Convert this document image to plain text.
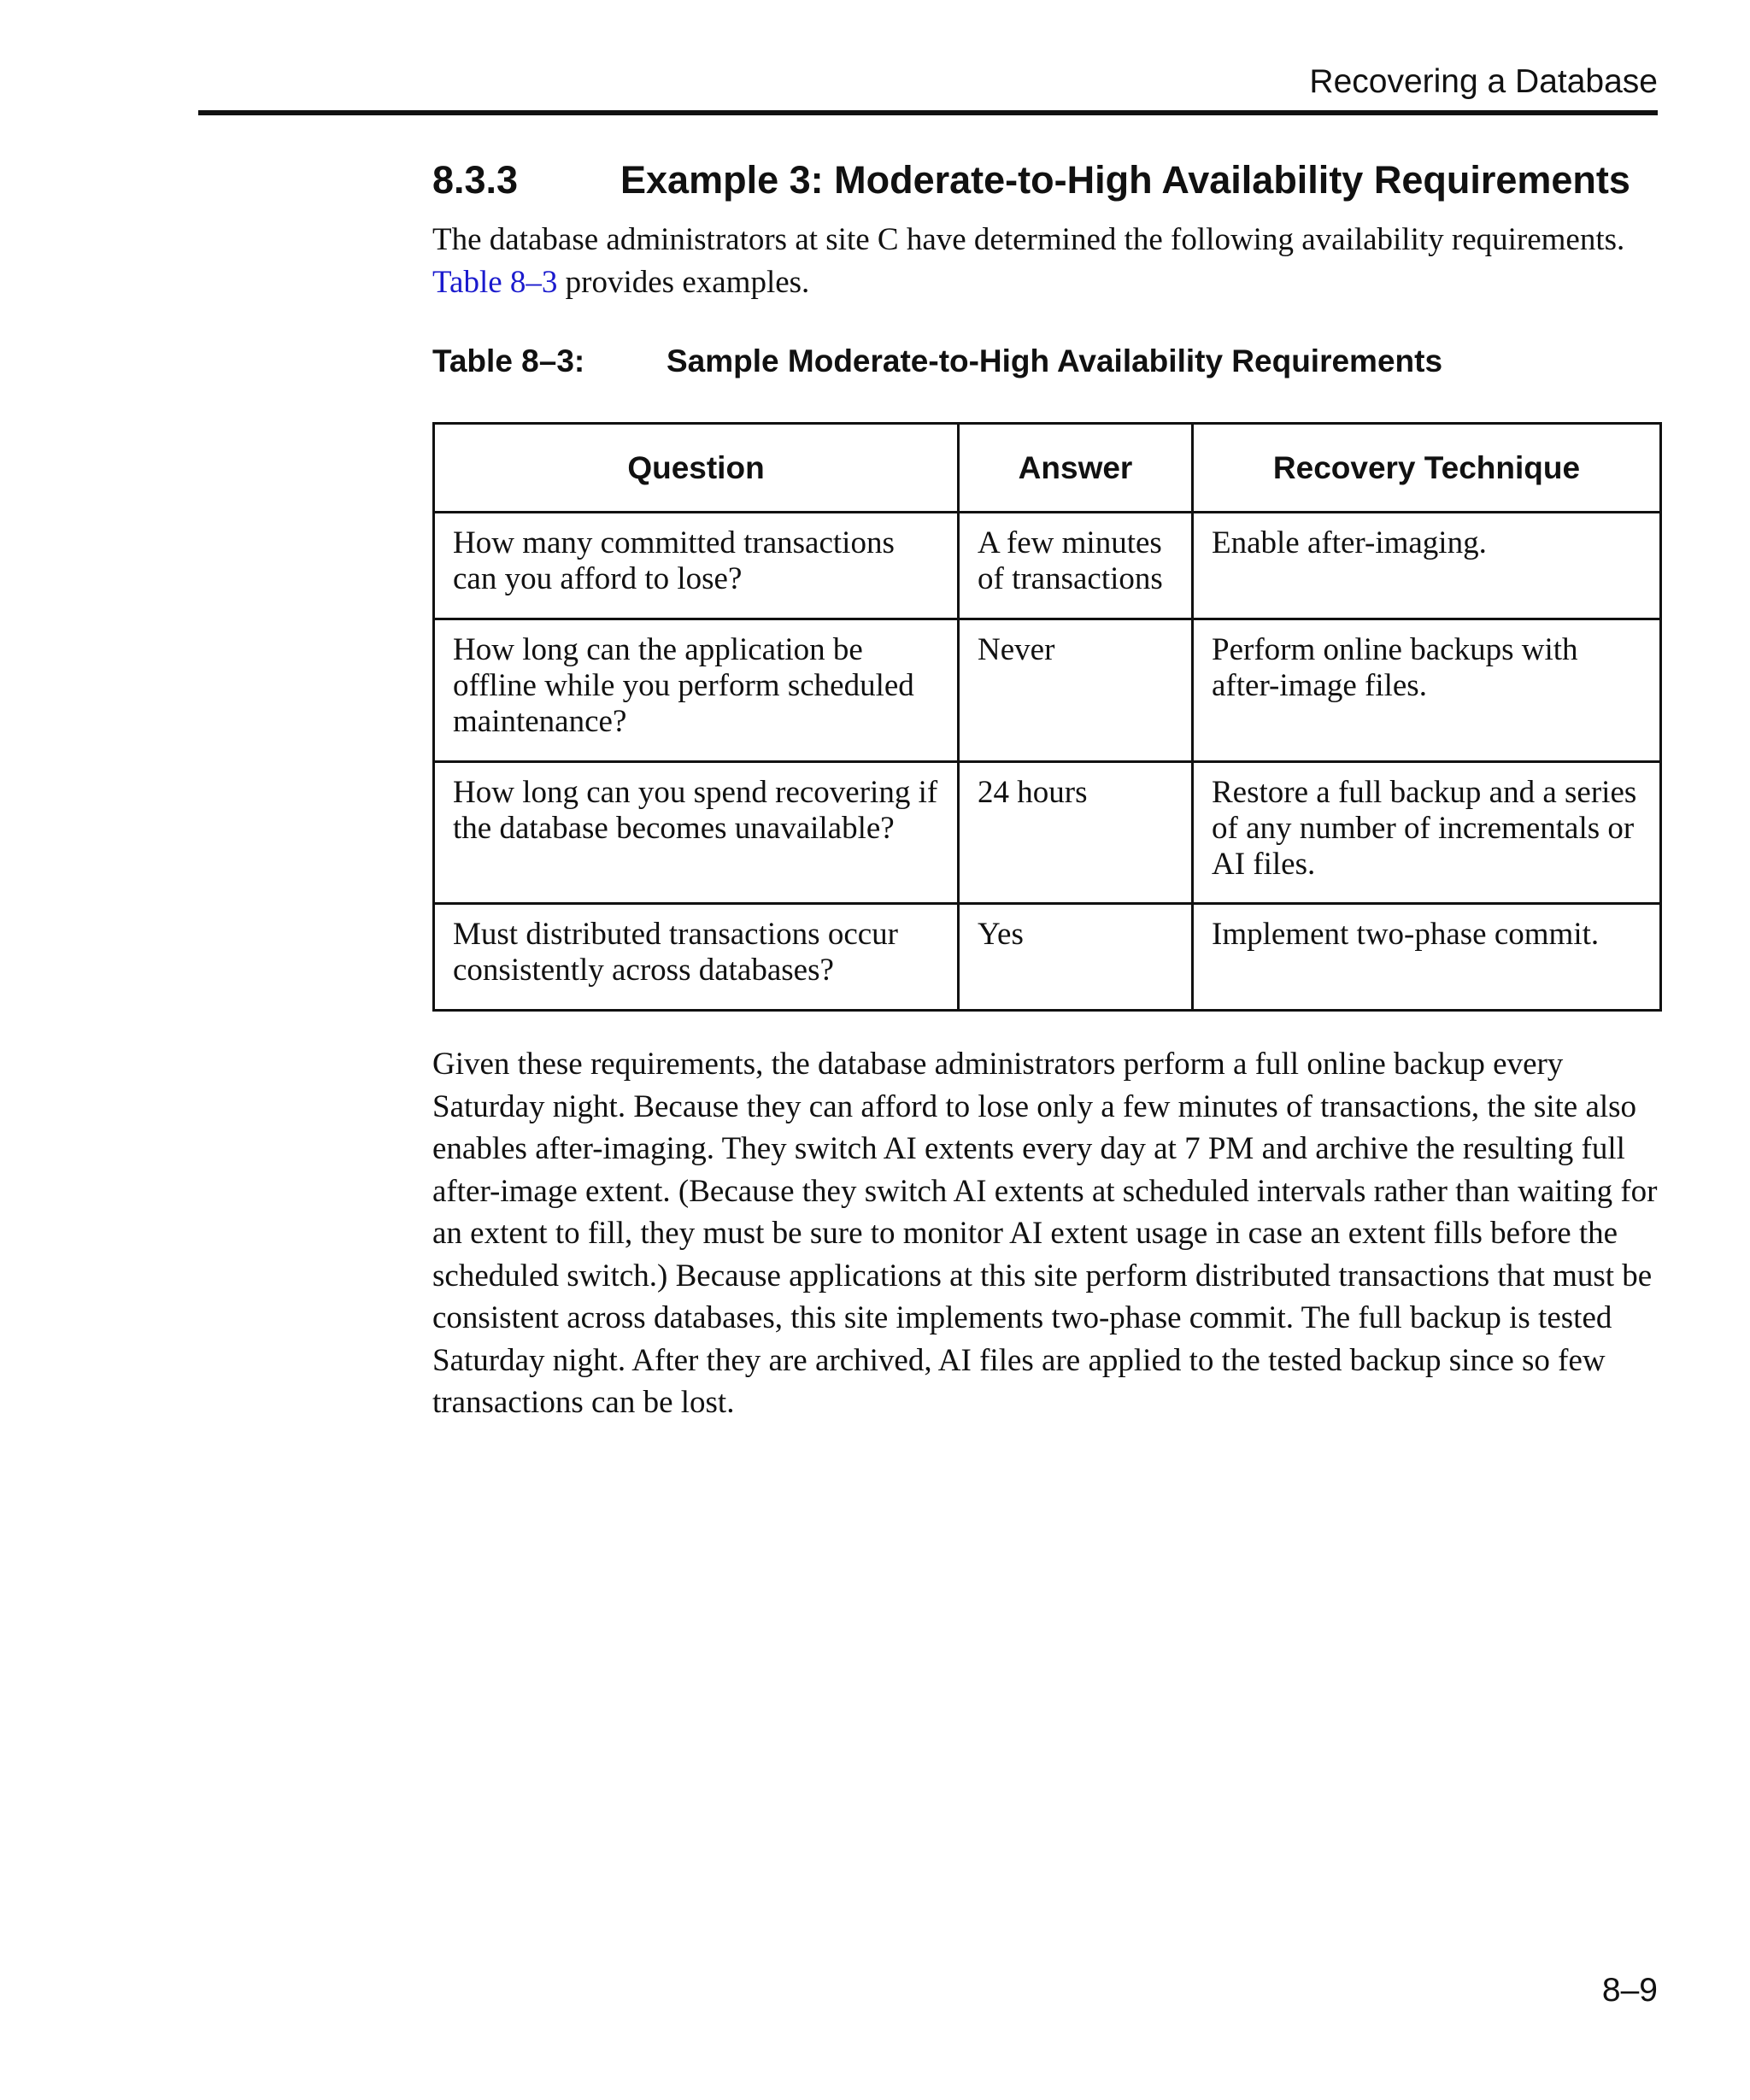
Recovering a Database
8.3.3	Example 3: Moderate-to-High Availability Requirements

The database administrators at site C have determined the following availability requirements. Table 8–3 provides examples.

Table 8–3:	Sample Moderate-to-High Availability Requirements
Question	Answer	Recovery Technique
How many committed transactions can you afford to lose?	A few minutes of transactions	Enable after-imaging.
How long can the application be offline while you perform scheduled maintenance?	Never	Perform online backups with after-image files.
How long can you spend recovering if the database becomes unavailable?	24 hours	Restore a full backup and a series of any number of incrementals or AI files.
Must distributed transactions occur consistently across databases?	Yes	Implement two-phase commit.

Given these requirements, the database administrators perform a full online backup every Saturday night. Because they can afford to lose only a few minutes of transactions, the site also enables after-imaging. They switch AI extents every day at 7 PM and archive the resulting full after-image extent. (Because they switch AI extents at scheduled intervals rather than waiting for an extent to fill, they must be sure to monitor AI extent usage in case an extent fills before the scheduled switch.) Because applications at this site perform distributed transactions that must be consistent across databases, this site implements two-phase commit. The full backup is tested Saturday night. After they are archived, AI files are applied to the tested backup since so few transactions can be lost.

8–9
